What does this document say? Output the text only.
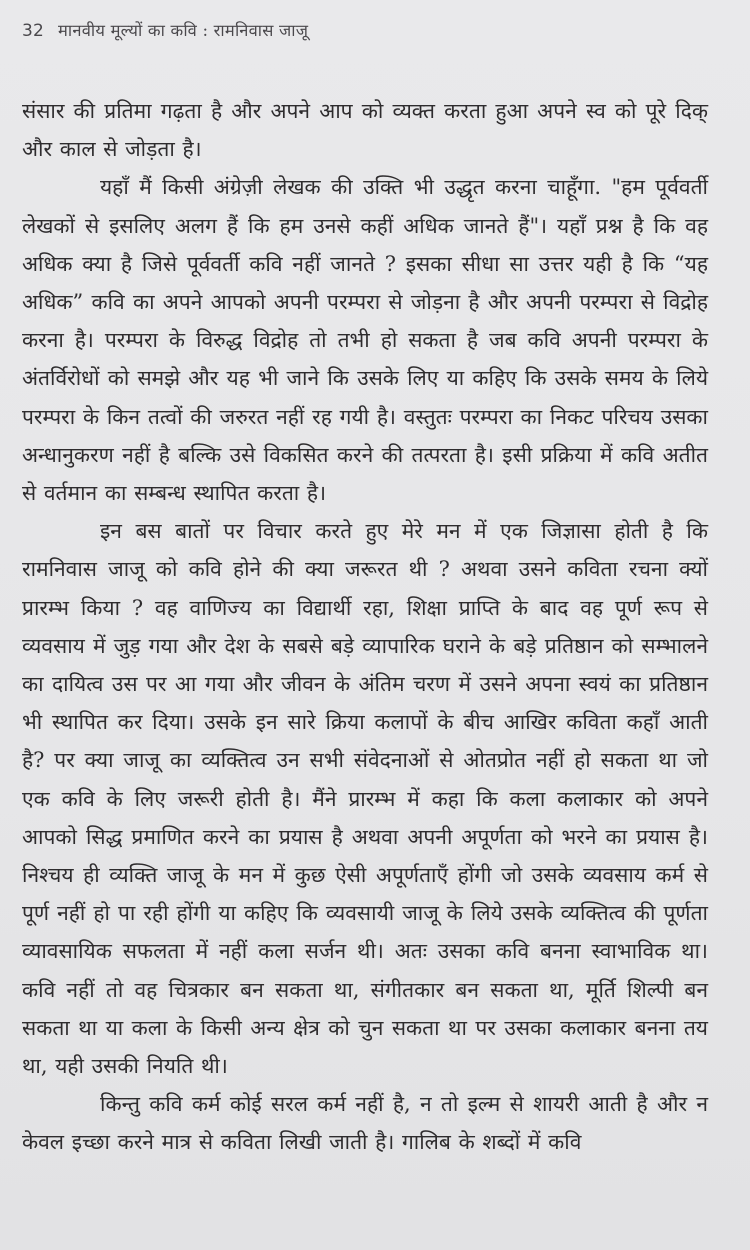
32 मानवीय मूल्यों का कवि : रामनिवास जाजू

संसार की प्रतिमा गढ़ता है और अपने आप को व्यक्त करता हुआ अपने स्व को पूरे दिक् और काल से जोड़ता है।

यहाँ मैं किसी अंग्रेज़ी लेखक की उक्ति भी उद्धृत करना चाहूँगा. "हम पूर्ववर्ती लेखकों से इसलिए अलग हैं कि हम उनसे कहीं अधिक जानते हैं"। यहाँ प्रश्न है कि वह अधिक क्या है जिसे पूर्ववर्ती कवि नहीं जानते ? इसका सीधा सा उत्तर यही है कि “यह अधिक” कवि का अपने आपको अपनी परम्परा से जोड़ना है और अपनी परम्परा से विद्रोह करना है। परम्परा के विरुद्ध विद्रोह तो तभी हो सकता है जब कवि अपनी परम्परा के अंतर्विरोधों को समझे और यह भी जाने कि उसके लिए या कहिए कि उसके समय के लिये परम्परा के किन तत्वों की जरुरत नहीं रह गयी है। वस्तुतः परम्परा का निकट परिचय उसका अन्धानुकरण नहीं है बल्कि उसे विकसित करने की तत्परता है। इसी प्रक्रिया में कवि अतीत से वर्तमान का सम्बन्ध स्थापित करता है।

इन बस बातों पर विचार करते हुए मेरे मन में एक जिज्ञासा होती है कि रामनिवास जाजू को कवि होने की क्या जरूरत थी ? अथवा उसने कविता रचना क्यों प्रारम्भ किया ? वह वाणिज्य का विद्यार्थी रहा, शिक्षा प्राप्ति के बाद वह पूर्ण रूप से व्यवसाय में जुड़ गया और देश के सबसे बड़े व्यापारिक घराने के बड़े प्रतिष्ठान को सम्भालने का दायित्व उस पर आ गया और जीवन के अंतिम चरण में उसने अपना स्वयं का प्रतिष्ठान भी स्थापित कर दिया। उसके इन सारे क्रिया कलापों के बीच आखिर कविता कहाँ आती है? पर क्या जाजू का व्यक्तित्व उन सभी संवेदनाओं से ओतप्रोत नहीं हो सकता था जो एक कवि के लिए जरूरी होती है। मैंने प्रारम्भ में कहा कि कला कलाकार को अपने आपको सिद्ध प्रमाणित करने का प्रयास है अथवा अपनी अपूर्णता को भरने का प्रयास है। निश्चय ही व्यक्ति जाजू के मन में कुछ ऐसी अपूर्णताएँ होंगी जो उसके व्यवसाय कर्म से पूर्ण नहीं हो पा रही होंगी या कहिए कि व्यवसायी जाजू के लिये उसके व्यक्तित्व की पूर्णता व्यावसायिक सफलता में नहीं कला सर्जन थी। अतः उसका कवि बनना स्वाभाविक था। कवि नहीं तो वह चित्रकार बन सकता था, संगीतकार बन सकता था, मूर्ति शिल्पी बन सकता था या कला के किसी अन्य क्षेत्र को चुन सकता था पर उसका कलाकार बनना तय था, यही उसकी नियति थी।

किन्तु कवि कर्म कोई सरल कर्म नहीं है, न तो इल्म से शायरी आती है और न केवल इच्छा करने मात्र से कविता लिखी जाती है। गालिब के शब्दों में कवि
